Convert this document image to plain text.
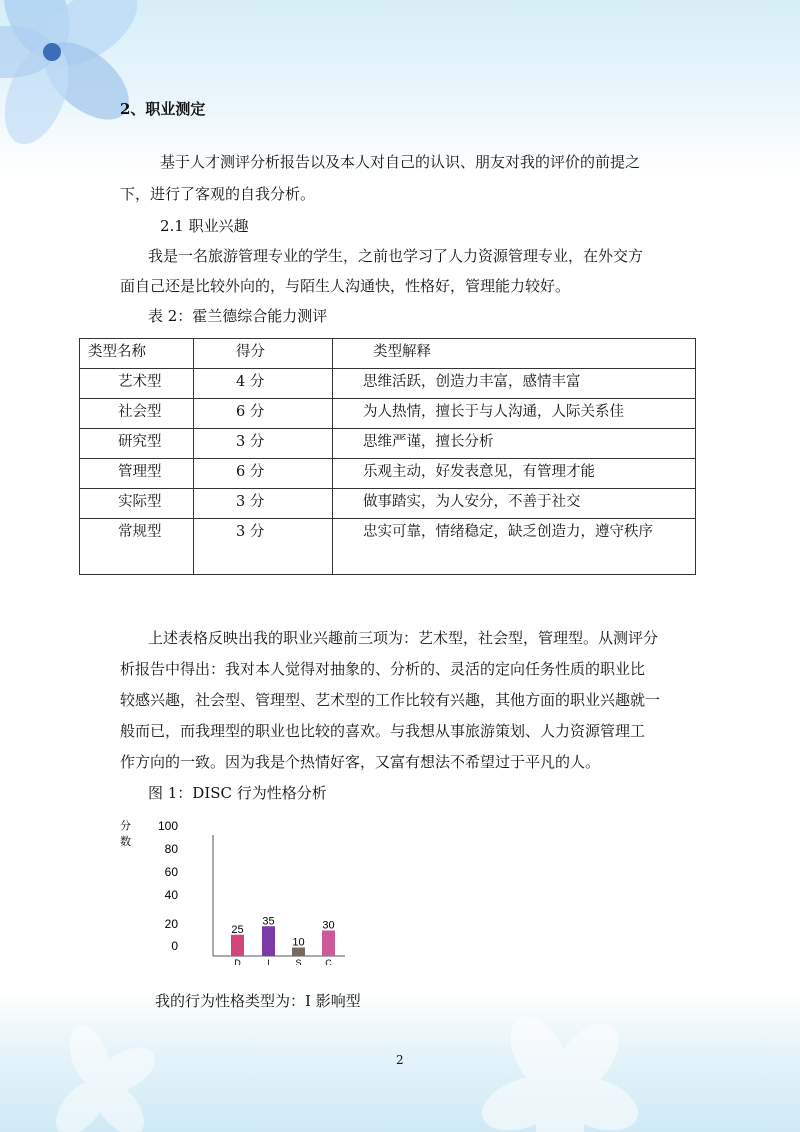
2、职业测定
基于人才测评分析报告以及本人对自己的认识、朋友对我的评价的前提之
下，进行了客观的自我分析。
2.1 职业兴趣
我是一名旅游管理专业的学生，之前也学习了人力资源管理专业，在外交方
面自己还是比较外向的，与陌生人沟通快，性格好，管理能力较好。
表 2：霍兰德综合能力测评
类型名称	得分	类型解释
艺术型	4 分	思维活跃，创造力丰富，感情丰富
社会型	6 分	为人热情，擅长于与人沟通，人际关系佳
研究型	3 分	思维严谨，擅长分析
管理型	6 分	乐观主动，好发表意见，有管理才能
实际型	3 分	做事踏实，为人安分，不善于社交
常规型	3 分	忠实可靠，情绪稳定，缺乏创造力，遵守秩序
上述表格反映出我的职业兴趣前三项为：艺术型，社会型，管理型。从测评分
析报告中得出：我对本人觉得对抽象的、分析的、灵活的定向任务性质的职业比
较感兴趣，社会型、管理型、艺术型的工作比较有兴趣，其他方面的职业兴趣就一
般而已，而我理型的职业也比较的喜欢。与我想从事旅游策划、人力资源管理工
作方向的一致。因为我是个热情好客，又富有想法不希望过于平凡的人。
图 1：DISC 行为性格分析
分
数
100
80
60
40
20
0
25
D
35
I
10
S
30
C
我的行为性格类型为：I 影响型
2
